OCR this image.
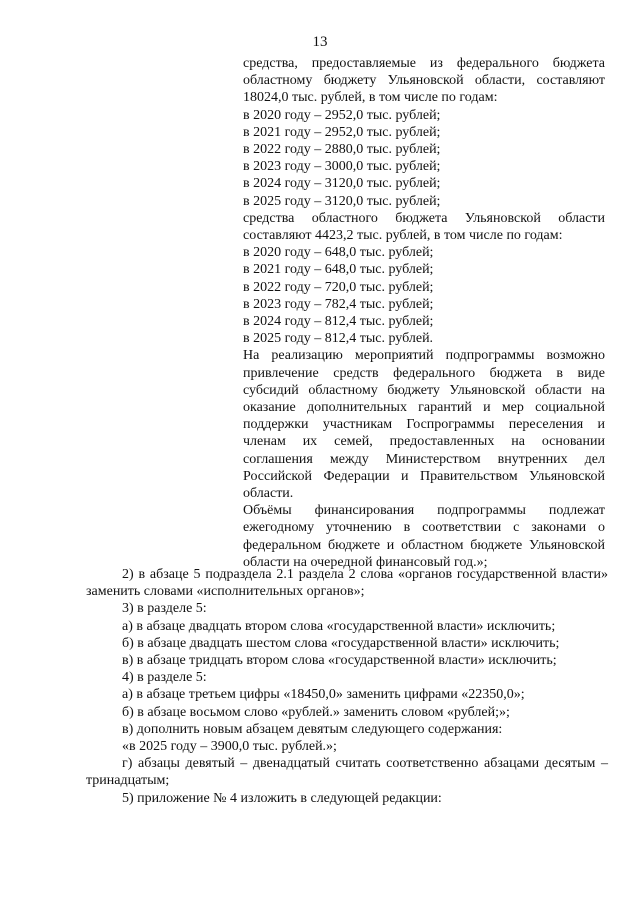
13

средства, предоставляемые из федерального бюджета областному бюджету Ульяновской области, составляют 18024,0 тыс. рублей, в том числе по годам:

в 2020 году – 2952,0 тыс. рублей;

в 2021 году – 2952,0 тыс. рублей;

в 2022 году – 2880,0 тыс. рублей;

в 2023 году – 3000,0 тыс. рублей;

в 2024 году – 3120,0 тыс. рублей;

в 2025 году – 3120,0 тыс. рублей;

средства областного бюджета Ульяновской области составляют 4423,2 тыс. рублей, в том числе по годам:

в 2020 году – 648,0 тыс. рублей;

в 2021 году – 648,0 тыс. рублей;

в 2022 году – 720,0 тыс. рублей;

в 2023 году – 782,4 тыс. рублей;

в 2024 году – 812,4 тыс. рублей;

в 2025 году – 812,4 тыс. рублей.

На реализацию мероприятий подпрограммы возможно привлечение средств федерального бюджета в виде субсидий областному бюджету Ульяновской области на оказание дополнительных гарантий и мер социальной поддержки участникам Госпрограммы переселения и членам их семей, предоставленных на основании соглашения между Министерством внутренних дел Российской Федерации и Правительством Ульяновской области.

Объёмы финансирования подпрограммы подлежат ежегодному уточнению в соответствии с законами о федеральном бюджете и областном бюджете Ульяновской области на очередной финансовый год.»;

2) в абзаце 5 подраздела 2.1 раздела 2 слова «органов государственной власти» заменить словами «исполнительных органов»;

3) в разделе 5:

а) в абзаце двадцать втором слова «государственной власти» исключить;

б) в абзаце двадцать шестом слова «государственной власти» исключить;

в) в абзаце тридцать втором слова «государственной власти» исключить;

4) в разделе 5:

а) в абзаце третьем цифры «18450,0» заменить цифрами «22350,0»;

б) в абзаце восьмом слово «рублей.» заменить словом «рублей;»;

в) дополнить новым абзацем девятым следующего содержания:

«в 2025 году – 3900,0 тыс. рублей.»;

г) абзацы девятый – двенадцатый считать соответственно абзацами десятым – тринадцатым;

5) приложение № 4 изложить в следующей редакции:
